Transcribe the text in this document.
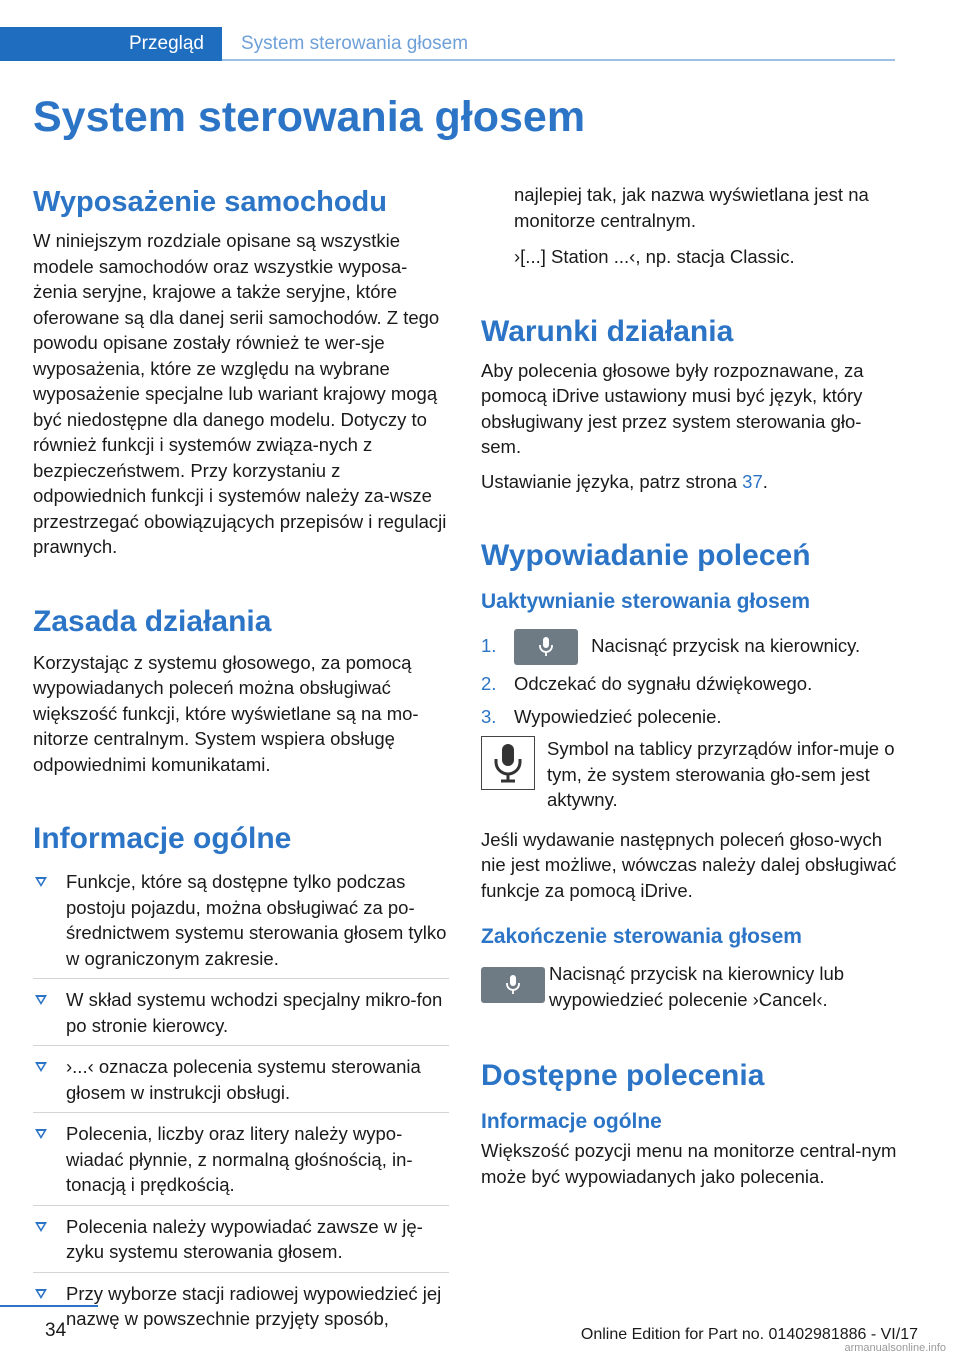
Przegląd System sterowania głosem
System sterowania głosem
Wyposażenie samochodu

W niniejszym rozdziale opisane są wszystkie modele samochodów oraz wszystkie wyposa‐żenia seryjne, krajowe a także seryjne, które oferowane są dla danej serii samochodów. Z tego powodu opisane zostały również te wer‐sje wyposażenia, które ze względu na wybrane wyposażenie specjalne lub wariant krajowy mogą być niedostępne dla danego modelu. Dotyczy to również funkcji i systemów związa‐nych z bezpieczeństwem. Przy korzystaniu z odpowiednich funkcji i systemów należy za‐wsze przestrzegać obowiązujących przepisów i regulacji prawnych.

Zasada działania

Korzystając z systemu głosowego, za pomocą wypowiadanych poleceń można obsługiwać większość funkcji, które wyświetlane są na mo‐nitorze centralnym. System wspiera obsługę odpowiednimi komunikatami.

Informacje ogólne
Funkcje, które są dostępne tylko podczas postoju pojazdu, można obsługiwać za po‐średnictwem systemu sterowania głosem tylko w ograniczonym zakresie.
W skład systemu wchodzi specjalny mikro‐fon po stronie kierowcy.
›...‹ oznacza polecenia systemu sterowania głosem w instrukcji obsługi.
Polecenia, liczby oraz litery należy wypo‐wiadać płynnie, z normalną głośnością, in‐tonacją i prędkością.
Polecenia należy wypowiadać zawsze w ję‐zyku systemu sterowania głosem.
Przy wyborze stacji radiowej wypowiedzieć jej nazwę w powszechnie przyjęty sposób,

najlepiej tak, jak nazwa wyświetlana jest na monitorze centralnym.

›[...] Station ...‹, np. stacja Classic.

Warunki działania

Aby polecenia głosowe były rozpoznawane, za pomocą iDrive ustawiony musi być język, który obsługiwany jest przez system sterowania gło‐sem.

Ustawianie języka, patrz strona 37.

Wypowiadanie poleceń
Uaktywnianie sterowania głosem
1.	Nacisnąć przycisk na kierownicy.
2. Odczekać do sygnału dźwiękowego.
3. Wypowiedzieć polecenie.

Symbol na tablicy przyrządów infor‐muje o tym, że system sterowania gło‐sem jest aktywny.

Jeśli wydawanie następnych poleceń głoso‐wych nie jest możliwe, wówczas należy dalej obsługiwać funkcje za pomocą iDrive.

Zakończenie sterowania głosem

Nacisnąć przycisk na kierownicy lub wypowiedzieć polecenie ›Cancel‹.

Dostępne polecenia
Informacje ogólne

Większość pozycji menu na monitorze central‐nym może być wypowiadanych jako polecenia.

34	Online Edition for Part no. 01402981886 - VI/17
armanualsonline.info
